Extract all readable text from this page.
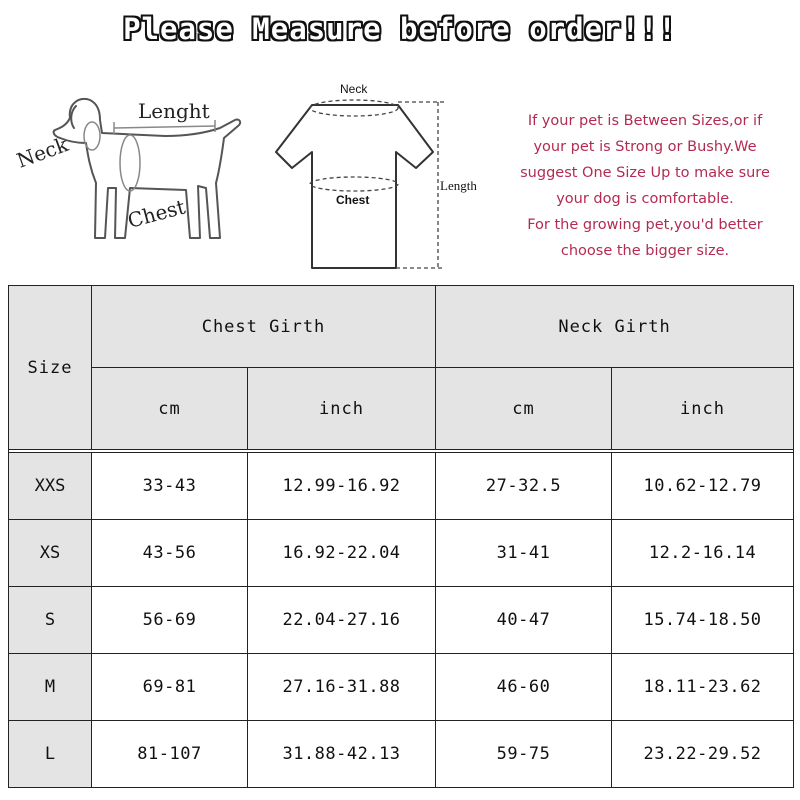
Please Measure before order!!!
Neck
Lenght
Chest
Neck
Chest
Length

If your pet is Between Sizes,or if

your pet is Strong or Bushy.We

suggest One Size Up to make sure

your dog is comfortable.

For the growing pet,you'd better

choose the bigger size.

Size	Chest Girth		Neck Girth	
	cm	inch	cm	inch

XXS	33-43	12.99-16.92	27-32.5	10.62-12.79
XS	43-56	16.92-22.04	31-41	12.2-16.14
S	56-69	22.04-27.16	40-47	15.74-18.50
M	69-81	27.16-31.88	46-60	18.11-23.62
L	81-107	31.88-42.13	59-75	23.22-29.52
